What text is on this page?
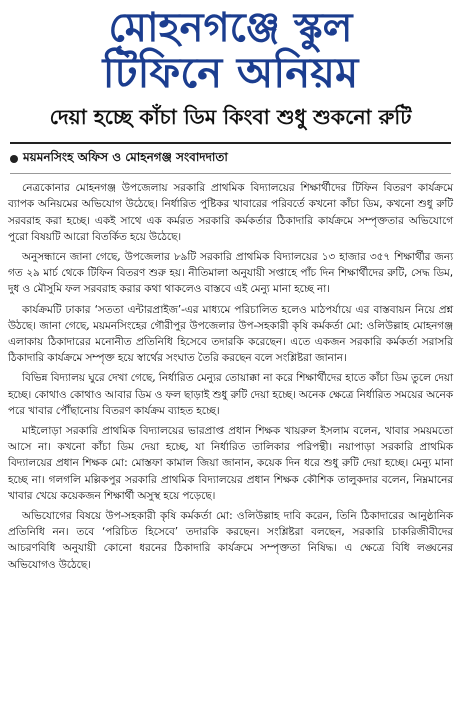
মোহনগঞ্জে স্কুল
টিফিনে অনিয়ম
দেয়া হচ্ছে কাঁচা ডিম কিংবা শুধু শুকনো রুটি
ময়মনসিংহ অফিস ও মোহনগঞ্জ সংবাদদাতা

নেত্রকোনার মোহনগঞ্জ উপজেলায় সরকারি প্রাথমিক বিদ্যালয়ের শিক্ষার্থীদের টিফিন বিতরণ কার্যক্রমে ব্যাপক অনিয়মের অভিযোগ উঠেছে। নির্ধারিত পুষ্টিকর খাবারের পরিবর্তে কখনো কাঁচা ডিম, কখনো শুধু রুটি সরবরাহ করা হচ্ছে। একই সাথে এক কর্মরত সরকারি কর্মকর্তার ঠিকাদারি কার্যক্রমে সম্পৃক্ততার অভিযোগে পুরো বিষয়টি আরো বিতর্কিত হয়ে উঠেছে।

অনুসন্ধানে জানা গেছে, উপজেলার ৮৯টি সরকারি প্রাথমিক বিদ্যালয়ের ১৩ হাজার ৩৫৭ শিক্ষার্থীর জন্য গত ২৯ মার্চ থেকে টিফিন বিতরণ শুরু হয়। নীতিমালা অনুযায়ী সপ্তাহে পাঁচ দিন শিক্ষার্থীদের রুটি, সেদ্ধ ডিম, দুধ ও মৌসুমি ফল সরবরাহ করার কথা থাকলেও বাস্তবে এই মেন্যু মানা হচ্ছে না।

কার্যক্রমটি ঢাকার ‘সততা এন্টারপ্রাইজ’-এর মাধ্যমে পরিচালিত হলেও মাঠপর্যায়ে এর বাস্তবায়ন নিয়ে প্রশ্ন উঠছে। জানা গেছে, ময়মনসিংহের গৌরীপুর উপজেলার উপ-সহকারী কৃষি কর্মকর্তা মো: ওলিউল্লাহ মোহনগঞ্জ এলাকায় ঠিকাদারের মনোনীত প্রতিনিধি হিসেবে তদারকি করেছেন। এতে একজন সরকারি কর্মকর্তা সরাসরি ঠিকাদারি কার্যক্রমে সম্পৃক্ত হয়ে স্বার্থের সংঘাত তৈরি করছেন বলে সংশ্লিষ্টরা জানান।

বিভিন্ন বিদ্যালয় ঘুরে দেখা গেছে, নির্ধারিত মেন্যুর তোয়াক্কা না করে শিক্ষার্থীদের হাতে কাঁচা ডিম তুলে দেয়া হচ্ছে। কোথাও কোথাও আবার ডিম ও ফল ছাড়াই শুধু রুটি দেয়া হচ্ছে। অনেক ক্ষেত্রে নির্ধারিত সময়ের অনেক পরে খাবার পৌঁছানোয় বিতরণ কার্যক্রম ব্যাহত হচ্ছে।

মাইলোড়া সরকারি প্রাথমিক বিদ্যালয়ের ভারপ্রাপ্ত প্রধান শিক্ষক খায়রুল ইসলাম বলেন, খাবার সময়মতো আসে না। কখনো কাঁচা ডিম দেয়া হচ্ছে, যা নির্ধারিত তালিকার পরিপন্থী। নয়াপাড়া সরকারি প্রাথমিক বিদ্যালয়ের প্রধান শিক্ষক মো: মোস্তফা কামাল জিয়া জানান, কয়েক দিন ধরে শুধু রুটি দেয়া হচ্ছে। মেন্যু মানা হচ্ছে না। গলগলি মল্লিকপুর সরকারি প্রাথমিক বিদ্যালয়ের প্রধান শিক্ষক কৌশিক তালুকদার বলেন, নিম্নমানের খাবার খেয়ে কয়েকজন শিক্ষার্থী অসুস্থ হয়ে পড়েছে।

অভিযোগের বিষয়ে উপ-সহকারী কৃষি কর্মকর্তা মো: ওলিউল্লাহ দাবি করেন, তিনি ঠিকাদারের আনুষ্ঠানিক প্রতিনিধি নন। তবে ‘পরিচিত হিসেবে’ তদারকি করছেন। সংশ্লিষ্টরা বলছেন, সরকারি চাকরিজীবীদের আচরণবিধি অনুযায়ী কোনো ধরনের ঠিকাদারি কার্যক্রমে সম্পৃক্ততা নিষিদ্ধ। এ ক্ষেত্রে বিধি লঙ্ঘনের অভিযোগও উঠেছে।
